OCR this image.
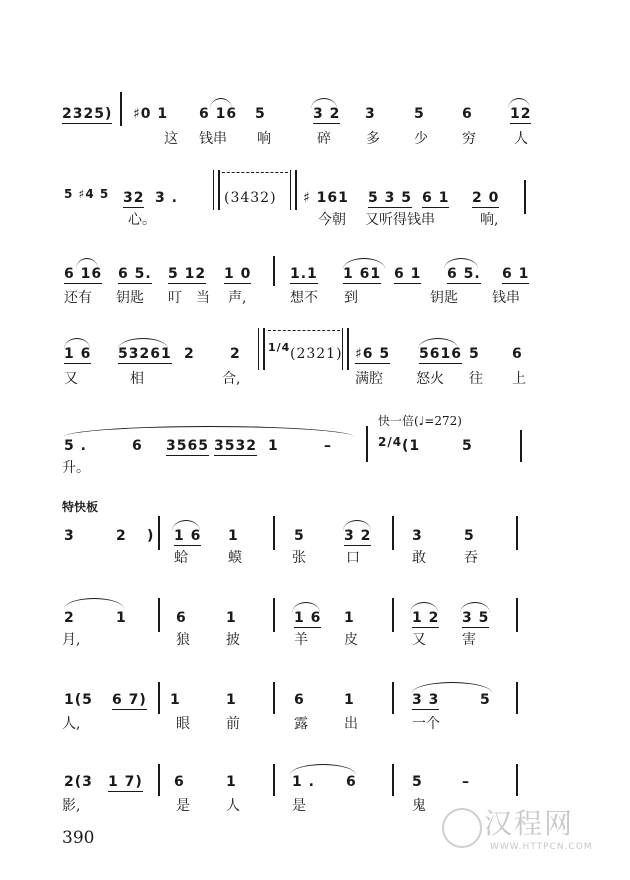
2325) ♯0 1 6 16 5	3 2 3	5	6	12
这 钱串 响	碎	多 少 穷	人
5 ♯4 5 32 3 .	(3432) ♯ 161 5 3 5 6 1 2 0
心。	今朝 又听得钱串	响,
6 16 6 5. 5 12 1 0	1.1 1 61 6 1 6 5. 6 1
还有 钥匙 叮 当 声,	想不 到	钥匙 钱串
1 6 53261 2	2 1/4 (2321) ♯6 5 5616 5 6
又	相	合,	满腔 怒火 往 上
快一倍(♩=272)
5 .	6 3565 3532 1	–	2/4 (1	5
升。
特快板
3	2 ) 1 6 1	5	3 2	3	5
蛤	蟆	张	口	敢	吞
2	1	6	1	1 6 1	1 2 3 5
月,	狼	披	羊	皮	又	害
1(5 6 7) 1	1	6	1	3 3	5
人,	眼	前	露	出	一个
2(3 1 7) 6	1	1 . 6	5	–
影,	是	人	是	鬼
390	汉程网
WWW.HTTPCN.COM
